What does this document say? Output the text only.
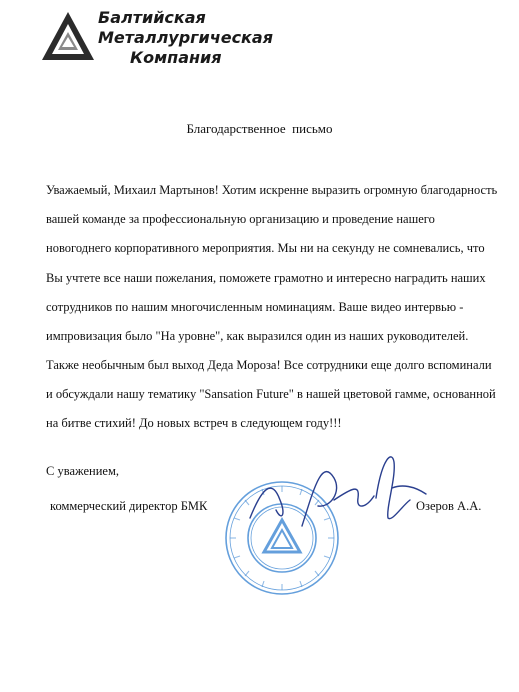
Балтийская
Металлургическая
Компания
Благодарственное  письмо
Уважаемый, Михаил Мартынов! Хотим искренне выразить огромную благодарность
вашей команде за профессиональную организацию и проведение нашего
новогоднего корпоративного мероприятия. Мы ни на секунду не сомневались, что
Вы учтете все наши пожелания, поможете грамотно и интересно наградить наших
сотрудников по нашим многочисленным номинациям. Ваше видео интервью -
импровизация было "На уровне", как выразился один из наших руководителей.
Также необычным был выход Деда Мороза! Все сотрудники еще долго вспоминали
и обсуждали нашу тематику "Sansation Future" в нашей цветовой гамме, основанной
на битве стихий! До новых встреч в следующем году!!!
С уважением,
коммерческий директор БМК	Озеров А.А.
